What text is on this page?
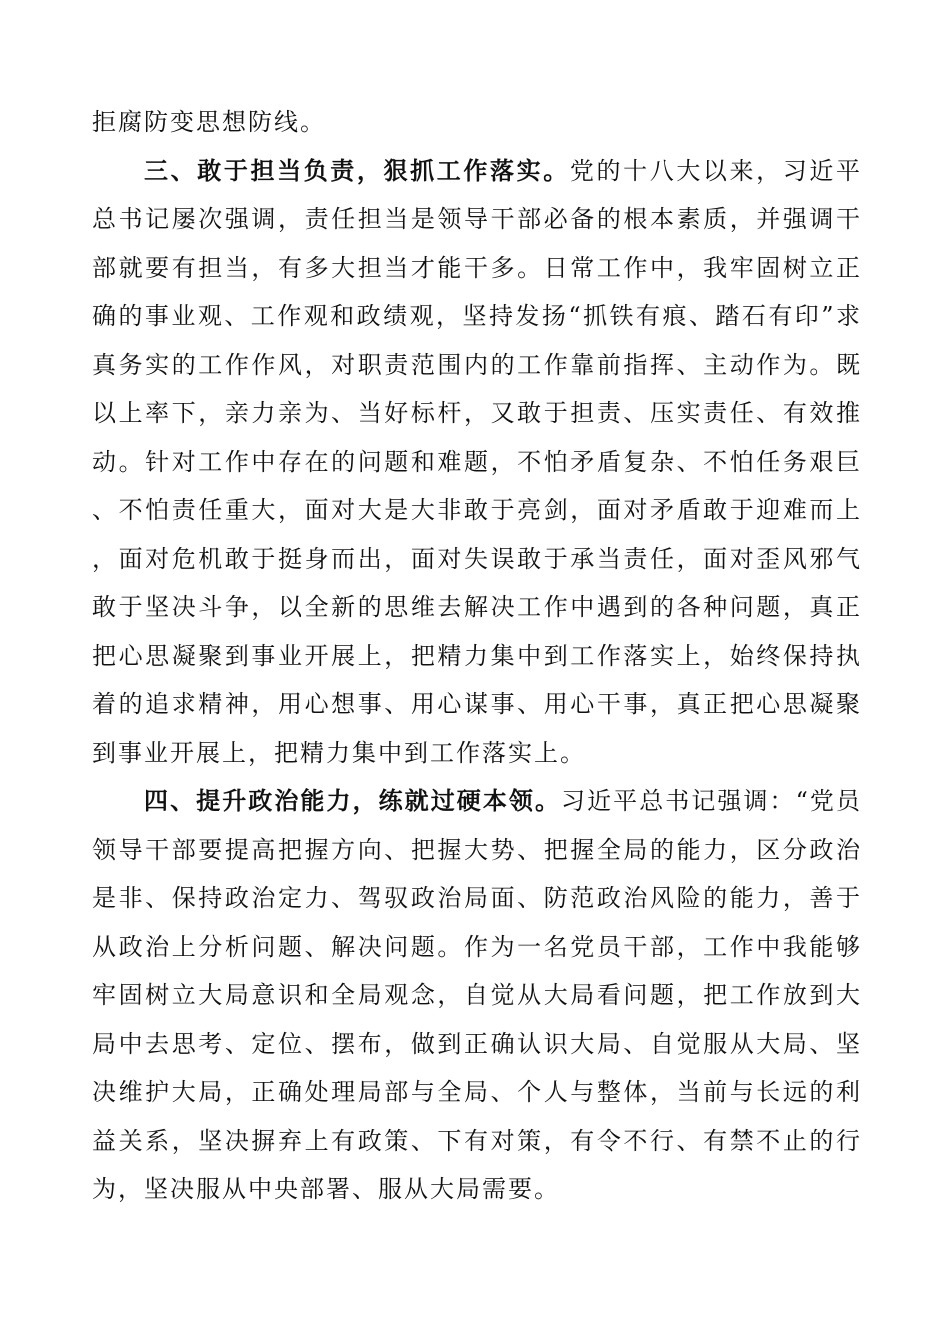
拒腐防变思想防线。

三、敢于担当负责，狠抓工作落实。党的十八大以来，习近平总书记屡次强调，责任担当是领导干部必备的根本素质，并强调干部就要有担当，有多大担当才能干多。日常工作中，我牢固树立正确的事业观、工作观和政绩观，坚持发扬“抓铁有痕、踏石有印”求真务实的工作作风，对职责范围内的工作靠前指挥、主动作为。既以上率下，亲力亲为、当好标杆，又敢于担责、压实责任、有效推动。针对工作中存在的问题和难题，不怕矛盾复杂、不怕任务艰巨、不怕责任重大，面对大是大非敢于亮剑，面对矛盾敢于迎难而上，面对危机敢于挺身而出，面对失误敢于承当责任，面对歪风邪气敢于坚决斗争，以全新的思维去解决工作中遇到的各种问题，真正把心思凝聚到事业开展上，把精力集中到工作落实上，始终保持执着的追求精神，用心想事、用心谋事、用心干事，真正把心思凝聚到事业开展上，把精力集中到工作落实上。

四、提升政治能力，练就过硬本领。习近平总书记强调：“党员领导干部要提高把握方向、把握大势、把握全局的能力，区分政治是非、保持政治定力、驾驭政治局面、防范政治风险的能力，善于从政治上分析问题、解决问题。作为一名党员干部，工作中我能够牢固树立大局意识和全局观念，自觉从大局看问题，把工作放到大局中去思考、定位、摆布，做到正确认识大局、自觉服从大局、坚决维护大局，正确处理局部与全局、个人与整体，当前与长远的利益关系，坚决摒弃上有政策、下有对策，有令不行、有禁不止的行为，坚决服从中央部署、服从大局需要。
